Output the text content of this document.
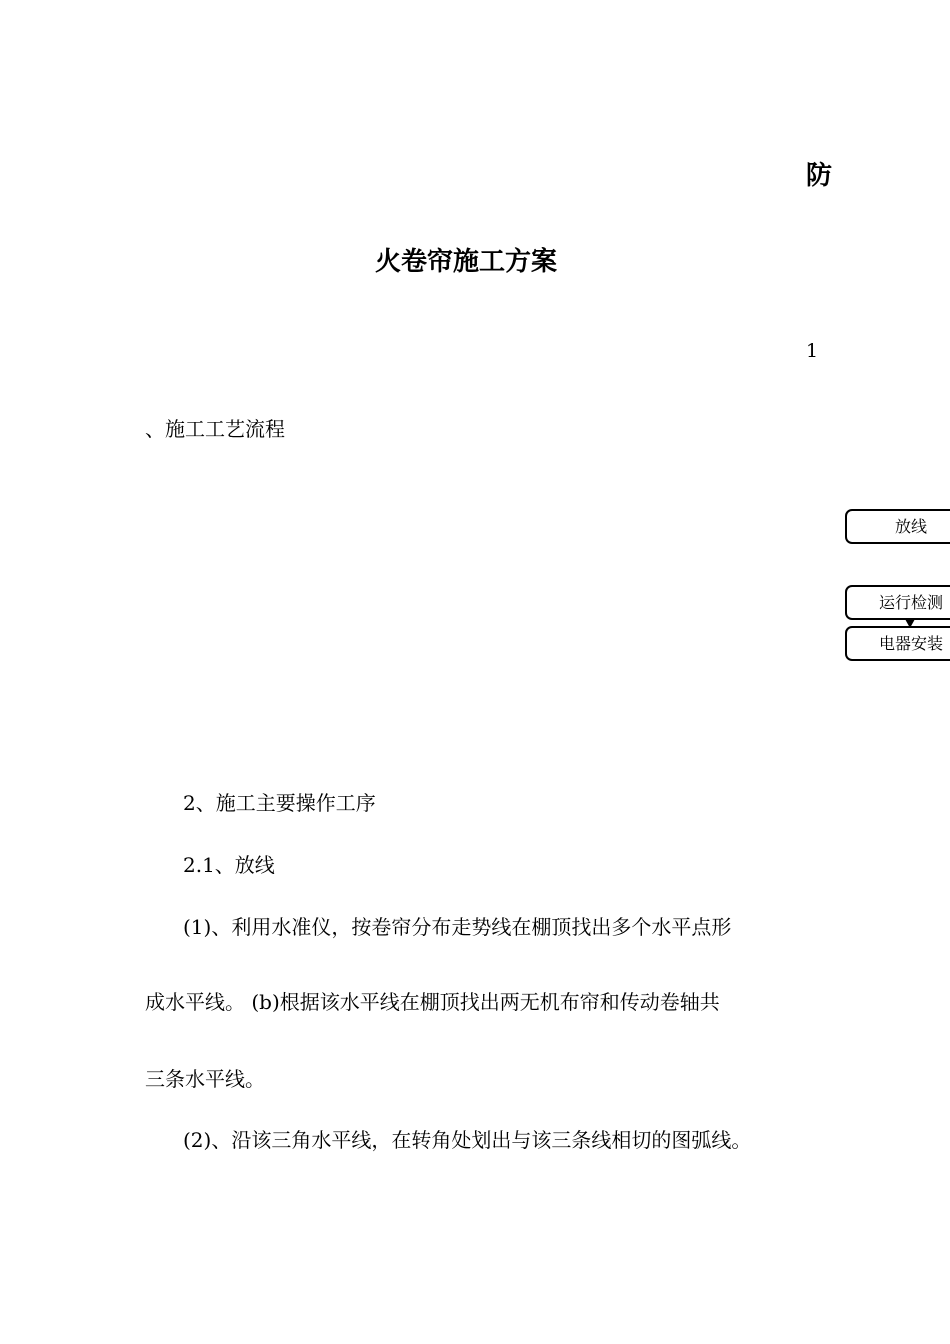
防
火卷帘施工方案
1
、施工工艺流程
放线
运行检测
电器安装
2、施工主要操作工序
2.1、放线
(1)、利用水准仪，按卷帘分布走势线在棚顶找出多个水平点形
成水平线。 (b)根据该水平线在棚顶找出两无机布帘和传动卷轴共
三条水平线。
(2)、沿该三角水平线，在转角处划出与该三条线相切的图弧线。
